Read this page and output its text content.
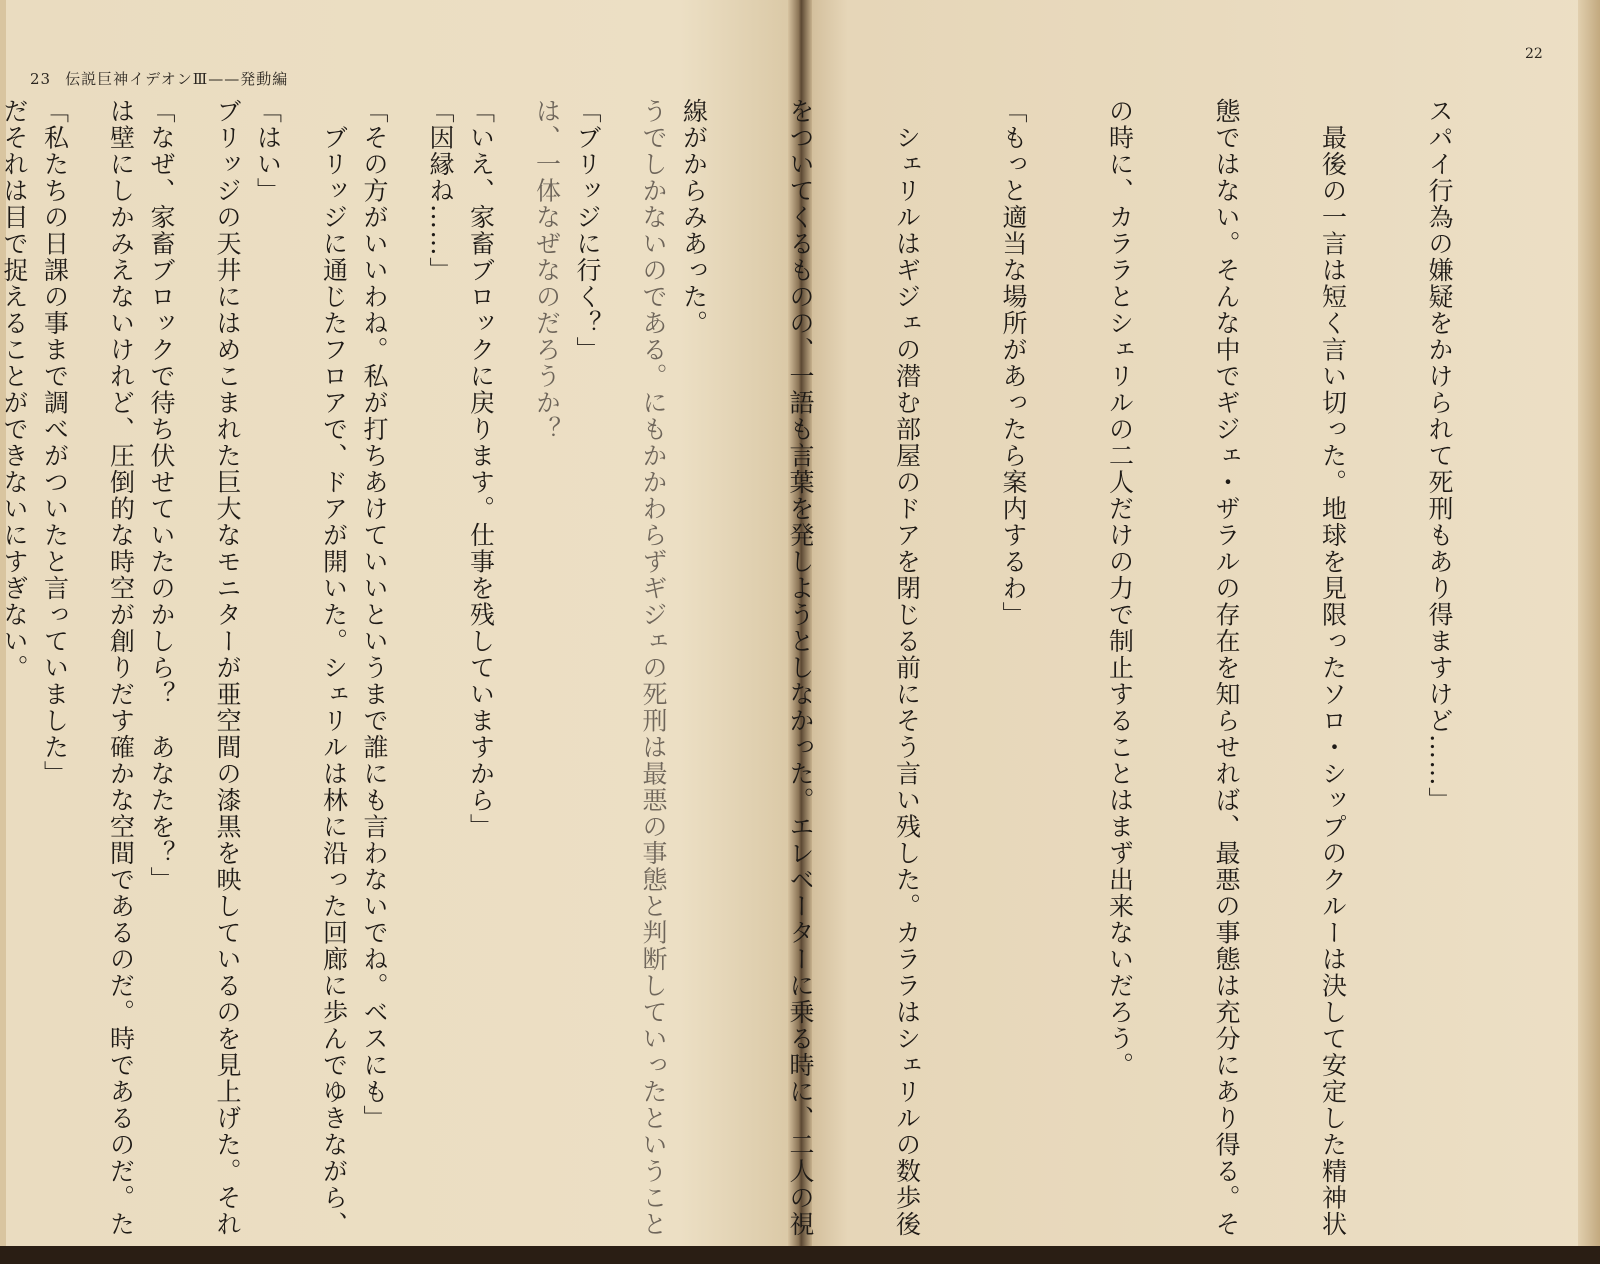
23 伝説巨神イデオンⅢ——発動編
22

スパイ行為の嫌疑をかけられて死刑もあり得ますけど……」

　最後の一言は短く言い切った。地球を見限ったソロ・シップのクルーは決して安定した精神状

態ではない。そんな中でギジェ・ザラルの存在を知らせれば、最悪の事態は充分にあり得る。そ

の時に、カララとシェリルの二人だけの力で制止することはまず出来ないだろう。

「もっと適当な場所があったら案内するわ」

　シェリルはギジェの潜む部屋のドアを閉じる前にそう言い残した。カララはシェリルの数歩後

をついてくるものの、一語も言葉を発しようとしなかった。エレベーターに乗る時に、二人の視

線がからみあった。

「ブリッジに行く？」

「いえ、家畜ブロックに戻ります。仕事を残していますから」

「その方がいいわね。私が打ちあけていいというまで誰にも言わないでね。ベスにも」

「はい」

「なぜ、家畜ブロックで待ち伏せていたのかしら？　あなたを？」

「私たちの日課の事まで調べがついたと言っていました」

	うでしかないのである。にもかかわらずギジェの死刑は最悪の事態と判断していったということ

は、一体なぜなのだろうか？

「因縁ね……」

　ブリッジに通じたフロアで、ドアが開いた。シェリルは林に沿った回廊に歩んでゆきながら、

ブリッジの天井にはめこまれた巨大なモニターが亜空間の漆黒を映しているのを見上げた。それ

は壁にしかみえないけれど、圧倒的な時空が創りだす確かな空間であるのだ。時であるのだ。た

だそれは目で捉えることができないにすぎない。
